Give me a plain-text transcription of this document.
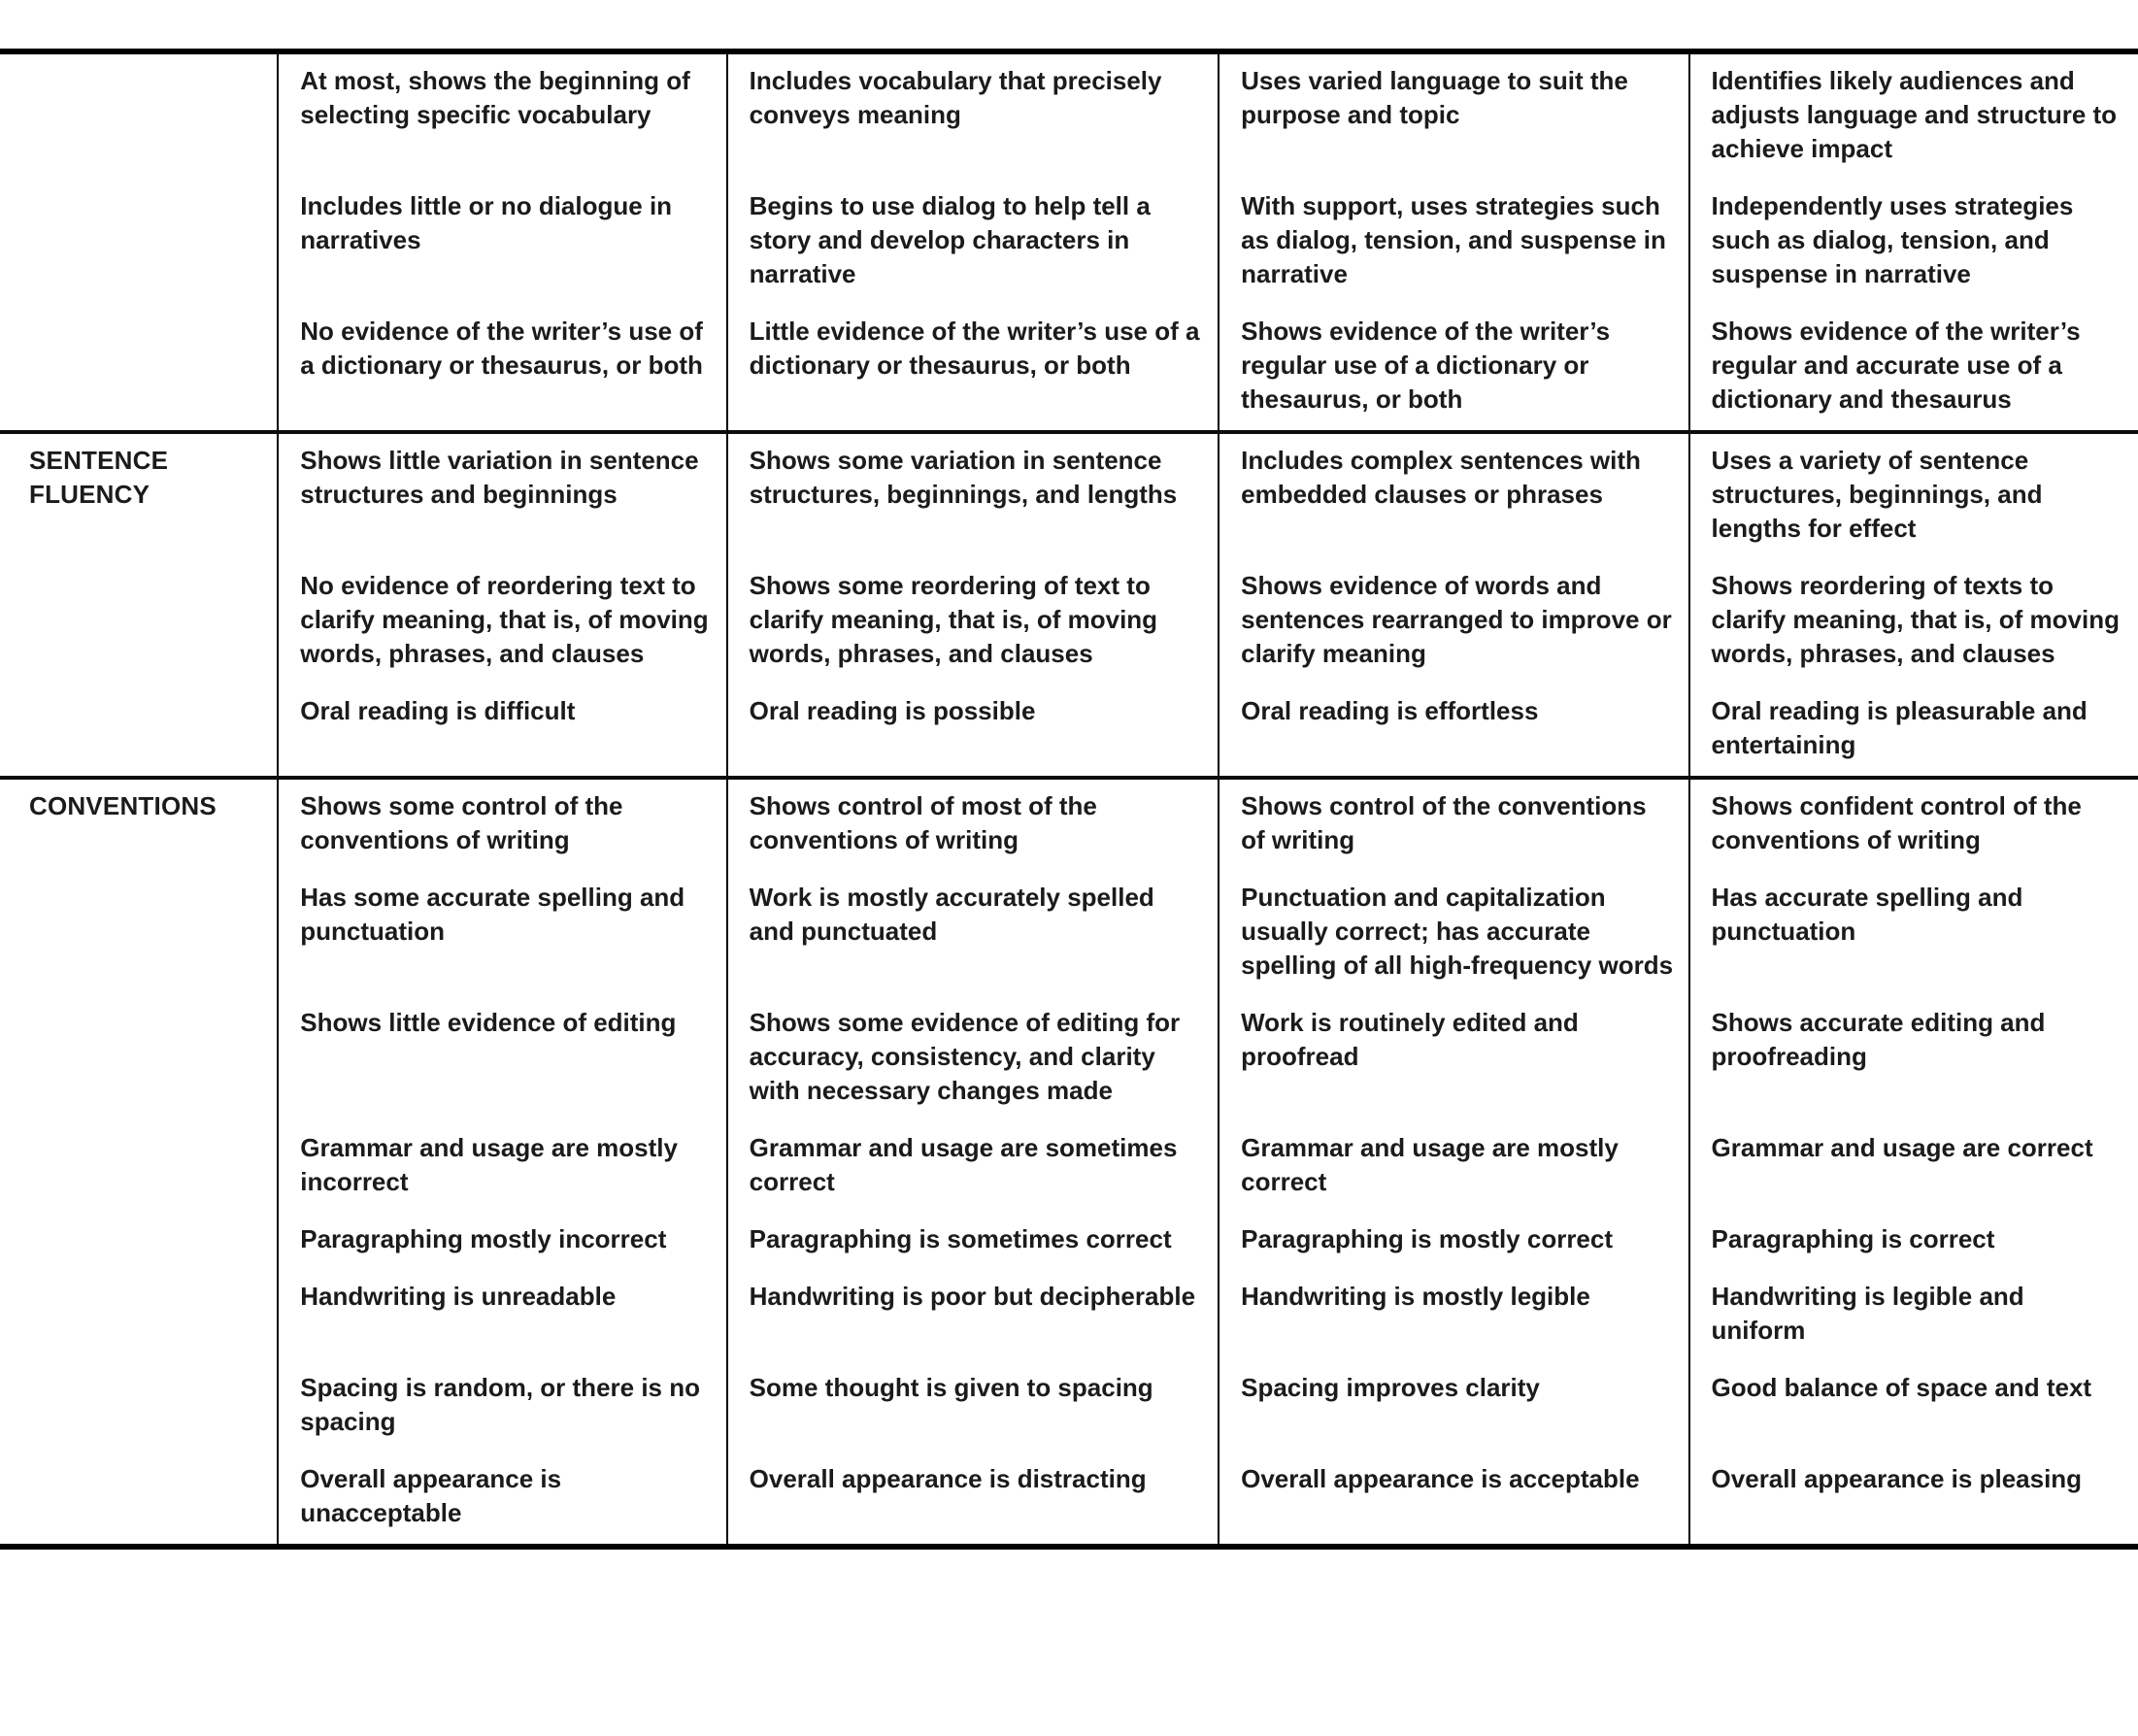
	At most, shows the beginning of selecting specific vocabulary	Includes vocabulary that precisely conveys meaning	Uses varied language to suit the purpose and topic	Identifies likely audiences and adjusts language and structure to achieve impact
	Includes little or no dialogue in narratives	Begins to use dialog to help tell a story and develop characters in narrative	With support, uses strategies such as dialog, tension, and suspense in narrative	Independently uses strategies such as dialog, tension, and suspense in narrative
	No evidence of the writer’s use of a dictionary or thesaurus, or both	Little evidence of the writer’s use of a dictionary or thesaurus, or both	Shows evidence of the writer’s regular use of a dictionary or thesaurus, or both	Shows evidence of the writer’s regular and accurate use of a dictionary and thesaurus
SENTENCE FLUENCY	Shows little variation in sentence structures and beginnings	Shows some variation in sentence structures, beginnings, and lengths	Includes complex sentences with embedded clauses or phrases	Uses a variety of sentence structures, beginnings, and lengths for effect
	No evidence of reordering text to clarify meaning, that is, of moving words, phrases, and clauses	Shows some reordering of text to clarify meaning, that is, of moving words, phrases, and clauses	Shows evidence of words and sentences rearranged to improve or clarify meaning	Shows reordering of texts to clarify meaning, that is, of moving words, phrases, and clauses
	Oral reading is difficult	Oral reading is possible	Oral reading is effortless	Oral reading is pleasurable and entertaining
CONVENTIONS	Shows some control of the conventions of writing	Shows control of most of the conventions of writing	Shows control of the conventions of writing	Shows confident control of the conventions of writing
	Has some accurate spelling and punctuation	Work is mostly accurately spelled and punctuated	Punctuation and capitalization usually correct; has accurate spelling of all high-frequency words	Has accurate spelling and punctuation
	Shows little evidence of editing	Shows some evidence of editing for accuracy, consistency, and clarity with necessary changes made	Work is routinely edited and proofread	Shows accurate editing and proofreading
	Grammar and usage are mostly incorrect	Grammar and usage are sometimes correct	Grammar and usage are mostly correct	Grammar and usage are correct
	Paragraphing mostly incorrect	Paragraphing is sometimes correct	Paragraphing is mostly correct	Paragraphing is correct
	Handwriting is unreadable	Handwriting is poor but decipherable	Handwriting is mostly legible	Handwriting is legible and uniform
	Spacing is random, or there is no spacing	Some thought is given to spacing	Spacing improves clarity	Good balance of space and text
	Overall appearance is unacceptable	Overall appearance is distracting	Overall appearance is acceptable	Overall appearance is pleasing
